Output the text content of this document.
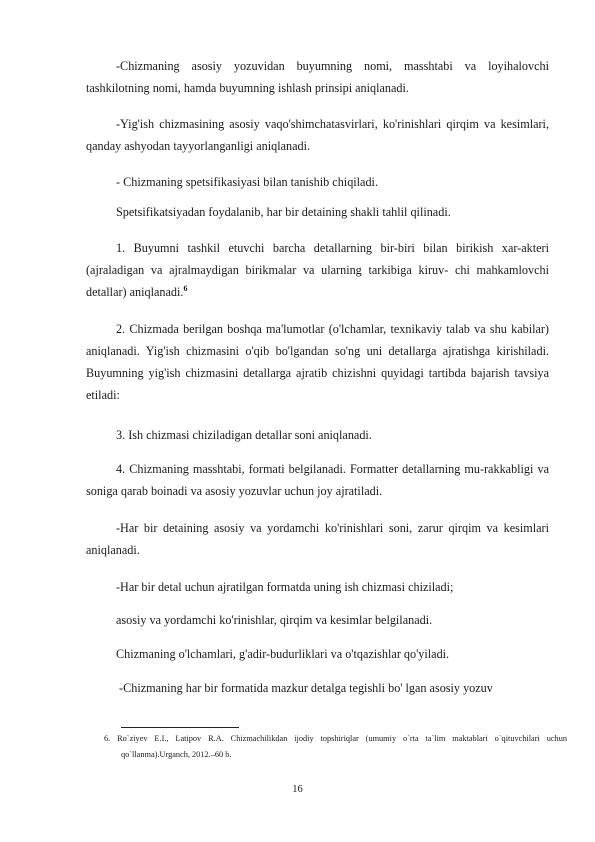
-Chizmaning asosiy yozuvidan buyumning nomi, masshtabi va loyihalovchi tashkilotning nomi, hamda buyumning ishlash prinsipi aniqlanadi.

-Yig'ish chizmasining asosiy vaqo'shimchatasvirlari, ko'rinishlari qirqim va kesimlari, qanday ashyodan tayyorlanganligi aniqlanadi.

- Chizmaning spetsifikasiyasi bilan tanishib chiqiladi.

Spetsifikatsiyadan foydalanib, har bir detaining shakli tahlil qilinadi.

1. Buyumni tashkil etuvchi barcha detallarning bir-biri bilan birikish xar-akteri (ajraladigan va ajralmaydigan birikmalar va ularning tarkibiga kiruv- chi mahkamlovchi detallar) aniqlanadi.$^6$

2. Chizmada berilgan boshqa ma'lumotlar (o'lchamlar, texnikaviy talab va shu kabilar) aniqlanadi. Yig'ish chizmasini o'qib bo'lgandan so'ng uni detallarga ajratishga kirishiladi. Buyumning yig'ish chizmasini detallarga ajratib chizishni quyidagi tartibda bajarish tavsiya etiladi:

3. Ish chizmasi chiziladigan detallar soni aniqlanadi.

4. Chizmaning masshtabi, formati belgilanadi. Formatter detallarning mu-rakkabligi va soniga qarab boinadi va asosiy yozuvlar uchun joy ajratiladi.

-Har bir detaining asosiy va yordamchi ko'rinishlari soni, zarur qirqim va kesimlari aniqlanadi.

-Har bir detal uchun ajratilgan formatda uning ish chizmasi chiziladi;

asosiy va yordamchi ko'rinishlar, qirqim va kesimlar belgilanadi.

Chizmaning o'lchamlari, g'adir-budurliklari va o'tqazishlar qo'yiladi.

-Chizmaning har bir formatida mazkur detalga tegishli bo' lgan asosiy yozuv

6. Ro`ziyev E.I., Latipov R.A. Chizmachilikdan ijodiy topshiriqlar (umumiy o`rta ta`lim maktablari o`qituvchilari uchun qo`llanma).Urganch, 2012.–60 b.

16
